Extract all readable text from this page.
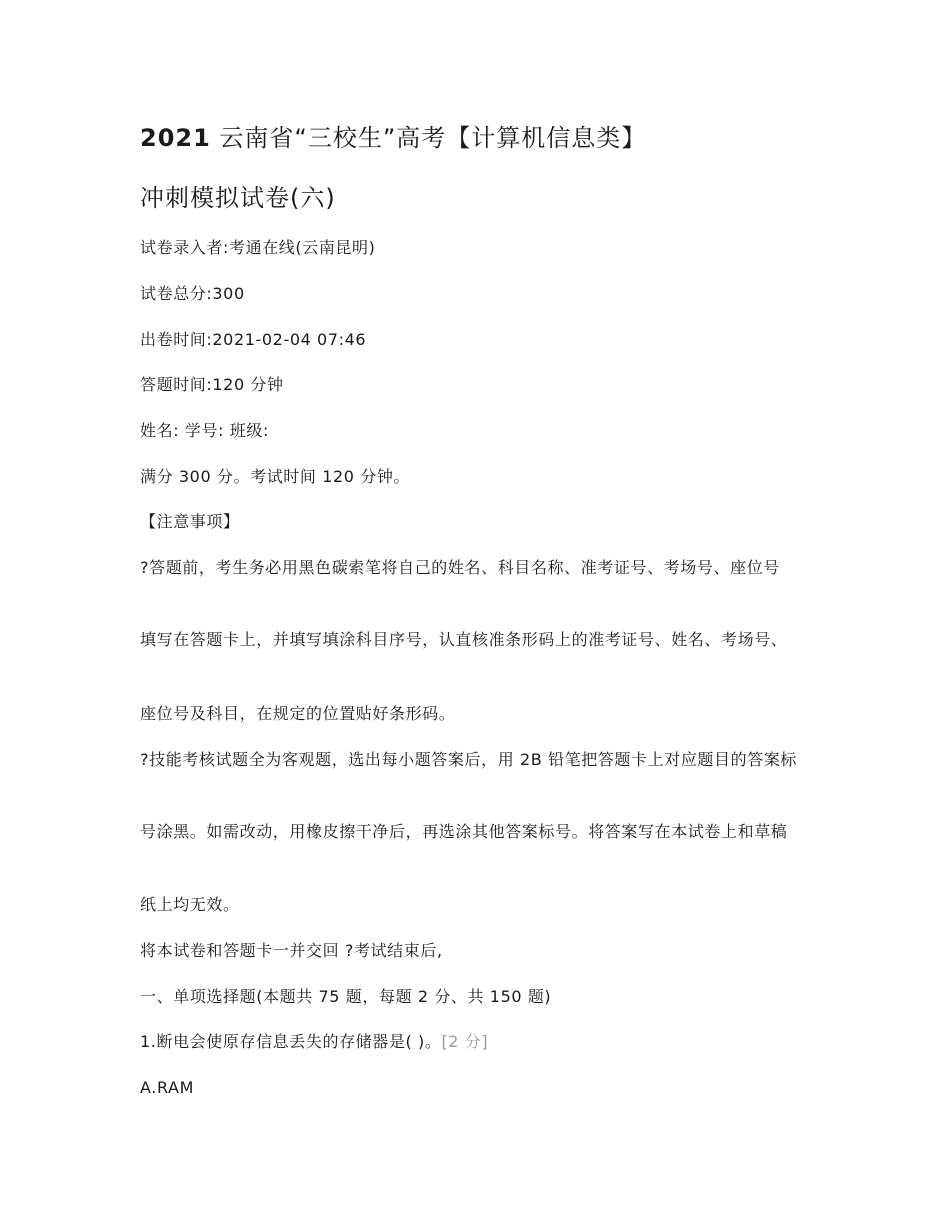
2021 云南省“三校生”高考【计算机信息类】
冲刺模拟试卷(六)
试卷录入者:考通在线(云南昆明)
试卷总分:300
出卷时间:2021-02-04 07:46
答题时间:120 分钟
姓名: 学号: 班级:
满分 300 分。考试时间 120 分钟。
【注意事项】
?答题前，考生务必用黑色碳索笔将自己的姓名、科目名称、准考证号、考场号、座位号
填写在答题卡上，并填写填涂科目序号，认直核准条形码上的准考证号、姓名、考场号、
座位号及科目，在规定的位置贴好条形码。
?技能考核试题全为客观题，选出每小题答案后，用 2B 铅笔把答题卡上对应题目的答案标
号涂黑。如需改动，用橡皮擦干净后，再选涂其他答案标号。将答案写在本试卷上和草稿
纸上均无效。
将本试卷和答题卡一并交回 ?考试结束后,
一、单项选择题(本题共 75 题，每题 2 分、共 150 题)
1.断电会使原存信息丢失的存储器是( )。[2 分]
A.RAM
